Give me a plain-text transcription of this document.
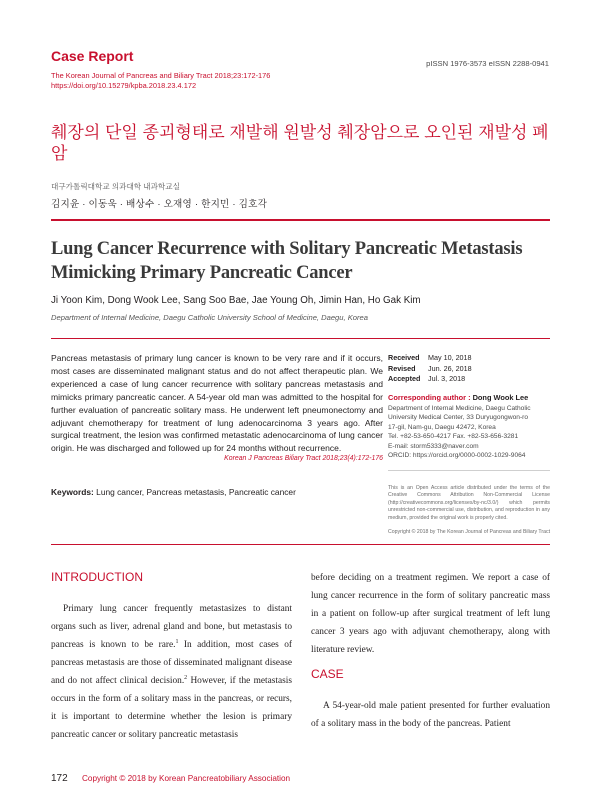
Case Report
The Korean Journal of Pancreas and Biliary Tract 2018;23:172-176
https://doi.org/10.15279/kpba.2018.23.4.172
pISSN 1976-3573 eISSN 2288-0941
췌장의 단일 종괴형태로 재발해 원발성 췌장암으로 오인된 재발성 폐암
대구가톨릭대학교 의과대학 내과학교실
김지윤 · 이동욱 · 배상수 · 오재영 · 한지민 · 김호각
Lung Cancer Recurrence with Solitary Pancreatic Metastasis Mimicking Primary Pancreatic Cancer
Ji Yoon Kim, Dong Wook Lee, Sang Soo Bae, Jae Young Oh, Jimin Han, Ho Gak Kim
Department of Internal Medicine, Daegu Catholic University School of Medicine, Daegu, Korea
Pancreas metastasis of primary lung cancer is known to be very rare and if it occurs, most cases are disseminated malignant status and do not affect therapeutic plan. We experienced a case of lung cancer recurrence with solitary pancreas metastasis and mimicks primary pancreatic cancer. A 54-year old man was admitted to the hospital for further evaluation of pancreatic solitary mass. He underwent left pneumonectomy and adjuvant chemotherapy for treatment of lung adenocarcinoma 3 years ago. After surgical treatment, the lesion was confirmed metastatic adenocarcinoma of lung cancer origin. He was discharged and followed up for 24 months without recurrence.
Korean J Pancreas Biliary Tract 2018;23(4):172-176
Keywords: Lung cancer, Pancreas metastasis, Pancreatic cancer
Received May 10, 2018
Revised Jun. 26, 2018
Accepted Jul. 3, 2018
Corresponding author : Dong Wook Lee
Department of Internal Medicine, Daegu Catholic
University Medical Center, 33 Duryugongwon-ro
17-gil, Nam-gu, Daegu 42472, Korea
Tel. +82-53-650-4217 Fax. +82-53-656-3281
E-mail: storm5333@naver.com
ORCID: https://orcid.org/0000-0002-1029-9064
This is an Open Access article distributed under the terms of the Creative Commons Attribution Non-Commercial License (http://creativecommons.org/licenses/by-nc/3.0/) which permits unrestricted non-commercial use, distribution, and reproduction in any medium, provided the original work is properly cited.
Copyright © 2018 by The Korean Journal of Pancreas and Biliary Tract
INTRODUCTION
Primary lung cancer frequently metastasizes to distant organs such as liver, adrenal gland and bone, but metastasis to pancreas is known to be rare.$^1$ In addition, most cases of pancreas metastasis are those of disseminated malignant disease and do not affect clinical decision.$^2$ However, if the metastasis occurs in the form of a solitary mass in the pancreas, or recurs, it is important to determine whether the lesion is primary pancreatic cancer or solitary pancreatic metastasis
before deciding on a treatment regimen. We report a case of lung cancer recurrence in the form of solitary pancreatic mass in a patient on follow-up after surgical treatment of left lung cancer 3 years ago with adjuvant chemotherapy, along with literature review.
CASE
A 54-year-old male patient presented for further evaluation of a solitary mass in the body of the pancreas. Patient
172 Copyright © 2018 by Korean Pancreatobiliary Association
